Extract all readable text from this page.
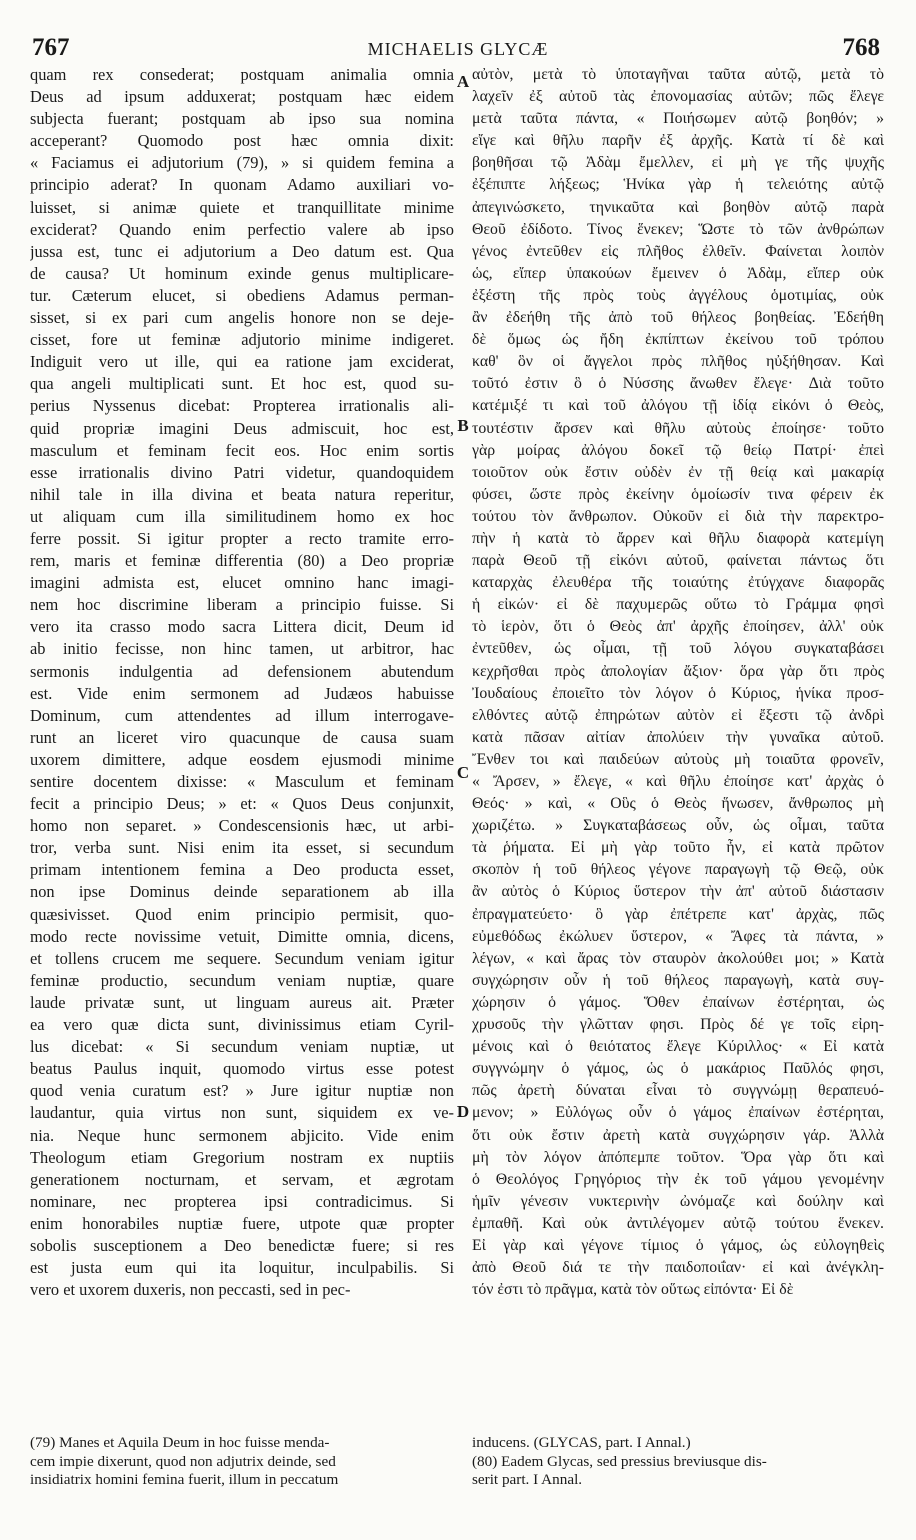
767	MICHAELIS GLYCÆ	768
quam rex consederat; postquam animalia omnia
Deus ad ipsum adduxerat; postquam hæc eidem
subjecta fuerant; postquam ab ipso sua nomina
acceperant? Quomodo post hæc omnia dixit:
« Faciamus ei adjutorium (79), » si quidem femina a
principio aderat? In quonam Adamo auxiliari vo-
luisset, si animæ quiete et tranquillitate minime
exciderat? Quando enim perfectio valere ab ipso
jussa est, tunc ei adjutorium a Deo datum est. Qua
de causa? Ut hominum exinde genus multiplicare-
tur. Cæterum elucet, si obediens Adamus perman-
sisset, si ex pari cum angelis honore non se deje-
cisset, fore ut feminæ adjutorio minime indigeret.
Indiguit vero ut ille, qui ea ratione jam exciderat,
qua angeli multiplicati sunt. Et hoc est, quod su-
perius Nyssenus dicebat: Propterea irrationalis ali-
quid propriæ imagini Deus admiscuit, hoc est,
masculum et feminam fecit eos. Hoc enim sortis
esse irrationalis divino Patri videtur, quandoquidem
nihil tale in illa divina et beata natura reperitur,
ut aliquam cum illa similitudinem homo ex hoc
ferre possit. Si igitur propter a recto tramite erro-
rem, maris et feminæ differentia (80) a Deo propriæ
imagini admista est, elucet omnino hanc imagi-
nem hoc discrimine liberam a principio fuisse. Si
vero ita crasso modo sacra Littera dicit, Deum id
ab initio fecisse, non hinc tamen, ut arbitror, hac
sermonis indulgentia ad defensionem abutendum
est. Vide enim sermonem ad Judæos habuisse
Dominum, cum attendentes ad illum interrogave-
runt an liceret viro quacunque de causa suam
uxorem dimittere, adque eosdem ejusmodi minime
sentire docentem dixisse: « Masculum et feminam
fecit a principio Deus; » et: « Quos Deus conjunxit,
homo non separet. » Condescensionis hæc, ut arbi-
tror, verba sunt. Nisi enim ita esset, si secundum
primam intentionem femina a Deo producta esset,
non ipse Dominus deinde separationem ab illa
quæsivisset. Quod enim principio permisit, quo-
modo recte novissime vetuit, Dimitte omnia, dicens,
et tollens crucem me sequere. Secundum veniam igitur
feminæ productio, secundum veniam nuptiæ, quare
laude privatæ sunt, ut linguam aureus ait. Præter
ea vero quæ dicta sunt, divinissimus etiam Cyril-
lus dicebat: « Si secundum veniam nuptiæ, ut
beatus Paulus inquit, quomodo virtus esse potest
quod venia curatum est? » Jure igitur nuptiæ non
laudantur, quia virtus non sunt, siquidem ex ve-
nia. Neque hunc sermonem abjicito. Vide enim
Theologum etiam Gregorium nostram ex nuptiis
generationem nocturnam, et servam, et ægrotam
nominare, nec propterea ipsi contradicimus. Si
enim honorabiles nuptiæ fuere, utpote quæ propter
sobolis susceptionem a Deo benedictæ fuere; si res
est justa eum qui ita loquitur, inculpabilis. Si
vero et uxorem duxeris, non peccasti, sed in pec-
αὐτὸν, μετὰ τὸ ὑποταγῆναι ταῦτα αὐτῷ, μετὰ τὸ
λαχεῖν ἐξ αὐτοῦ τὰς ἐπονομασίας αὐτῶν; πῶς ἔλεγε
μετὰ ταῦτα πάντα, « Ποιήσωμεν αὐτῷ βοηθόν; »
εἴγε καὶ θῆλυ παρῆν ἐξ ἀρχῆς. Κατὰ τί δὲ καὶ
βοηθῆσαι τῷ Ἀδὰμ ἔμελλεν, εἰ μὴ γε τῆς ψυχῆς
ἐξέπιπτε λήξεως; Ἡνίκα γὰρ ἡ τελειότης αὐτῷ
ἀπεγινώσκετο, τηνικαῦτα καὶ βοηθὸν αὐτῷ παρὰ
Θεοῦ ἐδίδοτο. Τίνος ἕνεκεν; Ὥστε τὸ τῶν ἀνθρώπων
γένος ἐντεῦθεν εἰς πλῆθος ἐλθεῖν. Φαίνεται λοιπὸν
ὡς, εἴπερ ὑπακούων ἔμεινεν ὁ Ἀδὰμ, εἴπερ οὐκ
ἐξέστη τῆς πρὸς τοὺς ἀγγέλους ὁμοτιμίας, οὐκ
ἂν ἐδεήθη τῆς ἀπὸ τοῦ θήλεος βοηθείας. Ἐδεήθη
δὲ ὅμως ὡς ἤδη ἐκπίπτων ἐκείνου τοῦ τρόπου
καθ' ὃν οἱ ἄγγελοι πρὸς πλῆθος ηὐξήθησαν. Καὶ
τοῦτό ἐστιν ὃ ὁ Νύσσης ἄνωθεν ἔλεγε· Διὰ τοῦτο
κατέμιξέ τι καὶ τοῦ ἀλόγου τῇ ἰδίᾳ εἰκόνι ὁ Θεὸς,
τουτέστιν ἄρσεν καὶ θῆλυ αὐτοὺς ἐποίησε· τοῦτο
γὰρ μοίρας ἀλόγου δοκεῖ τῷ θείῳ Πατρί· ἐπεὶ
τοιοῦτον οὐκ ἔστιν οὐδὲν ἐν τῇ θείᾳ καὶ μακαρίᾳ
φύσει, ὥστε πρὸς ἐκείνην ὁμοίωσίν τινα φέρειν ἐκ
τούτου τὸν ἄνθρωπον. Οὐκοῦν εἰ διὰ τὴν παρεκτρο-
πὴν ἡ κατὰ τὸ ἄρρεν καὶ θῆλυ διαφορὰ κατεμίγη
παρὰ Θεοῦ τῇ εἰκόνι αὐτοῦ, φαίνεται πάντως ὅτι
καταρχὰς ἐλευθέρα τῆς τοιαύτης ἐτύγχανε διαφορᾶς
ἡ εἰκών· εἰ δὲ παχυμερῶς οὕτω τὸ Γράμμα φησὶ
τὸ ἱερὸν, ὅτι ὁ Θεὸς ἀπ' ἀρχῆς ἐποίησεν, ἀλλ' οὐκ
ἐντεῦθεν, ὡς οἶμαι, τῇ τοῦ λόγου συγκαταβάσει
κεχρῆσθαι πρὸς ἀπολογίαν ἄξιον· ὅρα γὰρ ὅτι πρὸς
Ἰουδαίους ἐποιεῖτο τὸν λόγον ὁ Κύριος, ἡνίκα προσ-
ελθόντες αὐτῷ ἐπηρώτων αὐτὸν εἰ ἔξεστι τῷ ἀνδρὶ
κατὰ πᾶσαν αἰτίαν ἀπολύειν τὴν γυναῖκα αὐτοῦ.
Ἔνθεν τοι καὶ παιδεύων αὐτοὺς μὴ τοιαῦτα φρονεῖν,
« Ἄρσεν, » ἔλεγε, « καὶ θῆλυ ἐποίησε κατ' ἀρχὰς ὁ
Θεός· » καὶ, « Οὓς ὁ Θεὸς ἥνωσεν, ἄνθρωπος μὴ
χωριζέτω. » Συγκαταβάσεως οὖν, ὡς οἶμαι, ταῦτα
τὰ ῥήματα. Εἰ μὴ γὰρ τοῦτο ἦν, εἰ κατὰ πρῶτον
σκοπὸν ἡ τοῦ θήλεος γέγονε παραγωγὴ τῷ Θεῷ, οὐκ
ἂν αὐτὸς ὁ Κύριος ὕστερον τὴν ἀπ' αὐτοῦ διάστασιν
ἐπραγματεύετο· ὃ γὰρ ἐπέτρεπε κατ' ἀρχὰς, πῶς
εὐμεθόδως ἐκώλυεν ὕστερον, « Ἄφες τὰ πάντα, »
λέγων, « καὶ ἄρας τὸν σταυρὸν ἀκολούθει μοι; » Κατὰ
συγχώρησιν οὖν ἡ τοῦ θήλεος παραγωγὴ, κατὰ συγ-
χώρησιν ὁ γάμος. Ὅθεν ἐπαίνων ἐστέρηται, ὡς
χρυσοῦς τὴν γλῶτταν φησι. Πρὸς δέ γε τοῖς εἰρη-
μένοις καὶ ὁ θειότατος ἔλεγε Κύριλλος· « Εἰ κατὰ
συγγνώμην ὁ γάμος, ὡς ὁ μακάριος Παῦλός φησι,
πῶς ἀρετὴ δύναται εἶναι τὸ συγγνώμῃ θεραπευό-
μενον; » Εὐλόγως οὖν ὁ γάμος ἐπαίνων ἐστέρηται,
ὅτι οὐκ ἔστιν ἀρετὴ κατὰ συγχώρησιν γάρ. Ἀλλὰ
μὴ τὸν λόγον ἀπόπεμπε τοῦτον. Ὅρα γὰρ ὅτι καὶ
ὁ Θεολόγος Γρηγόριος τὴν ἐκ τοῦ γάμου γενομένην
ἡμῖν γένεσιν νυκτερινὴν ὠνόμαζε καὶ δούλην καὶ
ἐμπαθῆ. Καὶ οὐκ ἀντιλέγομεν αὐτῷ τούτου ἕνεκεν.
Εἰ γὰρ καὶ γέγονε τίμιος ὁ γάμος, ὡς εὐλογηθεὶς
ἀπὸ Θεοῦ διά τε τὴν παιδοποιΐαν· εἰ καὶ ἀνέγκλη-
τόν ἐστι τὸ πρᾶγμα, κατὰ τὸν οὕτως εἰπόντα· Εἰ δὲ
A
B
C
D
(79) Manes et Aquila Deum in hoc fuisse menda-
cem impie dixerunt, quod non adjutrix deinde, sed
insidiatrix homini femina fuerit, illum in peccatum
inducens. (GLYCAS, part. I Annal.)
(80) Eadem Glycas, sed pressius breviusque dis-
serit part. I Annal.
